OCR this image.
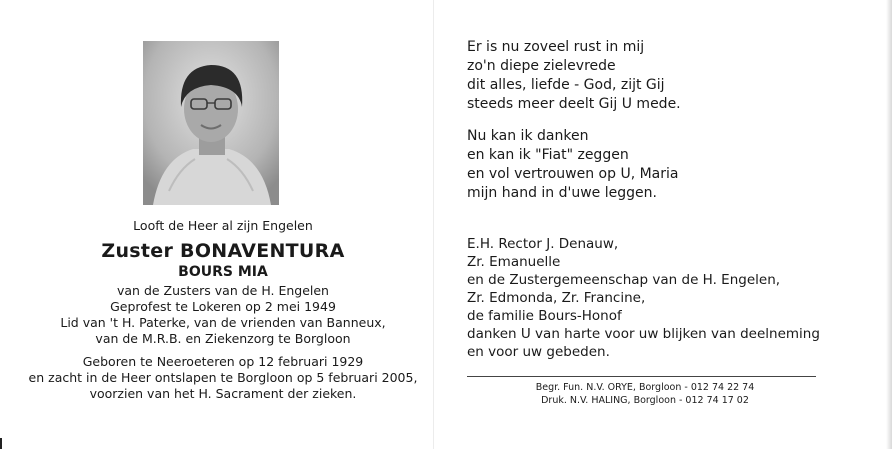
Looft de Heer al zijn Engelen
Zuster BONAVENTURA
BOURS MIA
van de Zusters van de H. Engelen
Geprofest te Lokeren op 2 mei 1949
Lid van 't H. Paterke, van de vrienden van Banneux,
van de M.R.B. en Ziekenzorg te Borgloon
Geboren te Neeroeteren op 12 februari 1929
en zacht in de Heer ontslapen te Borgloon op 5 februari 2005,
voorzien van het H. Sacrament der zieken.
Er is nu zoveel rust in mij
zo'n diepe zielevrede
dit alles, liefde - God, zijt Gij
steeds meer deelt Gij U mede.
Nu kan ik danken
en kan ik "Fiat" zeggen
en vol vertrouwen op U, Maria
mijn hand in d'uwe leggen.
E.H. Rector J. Denauw,
Zr. Emanuelle
en de Zustergemeenschap van de H. Engelen,
Zr. Edmonda, Zr. Francine,
de familie Bours-Honof
danken U van harte voor uw blijken van deelneming
en voor uw gebeden.
Begr. Fun. N.V. ORYE, Borgloon - 012 74 22 74
Druk. N.V. HALING, Borgloon - 012 74 17 02
